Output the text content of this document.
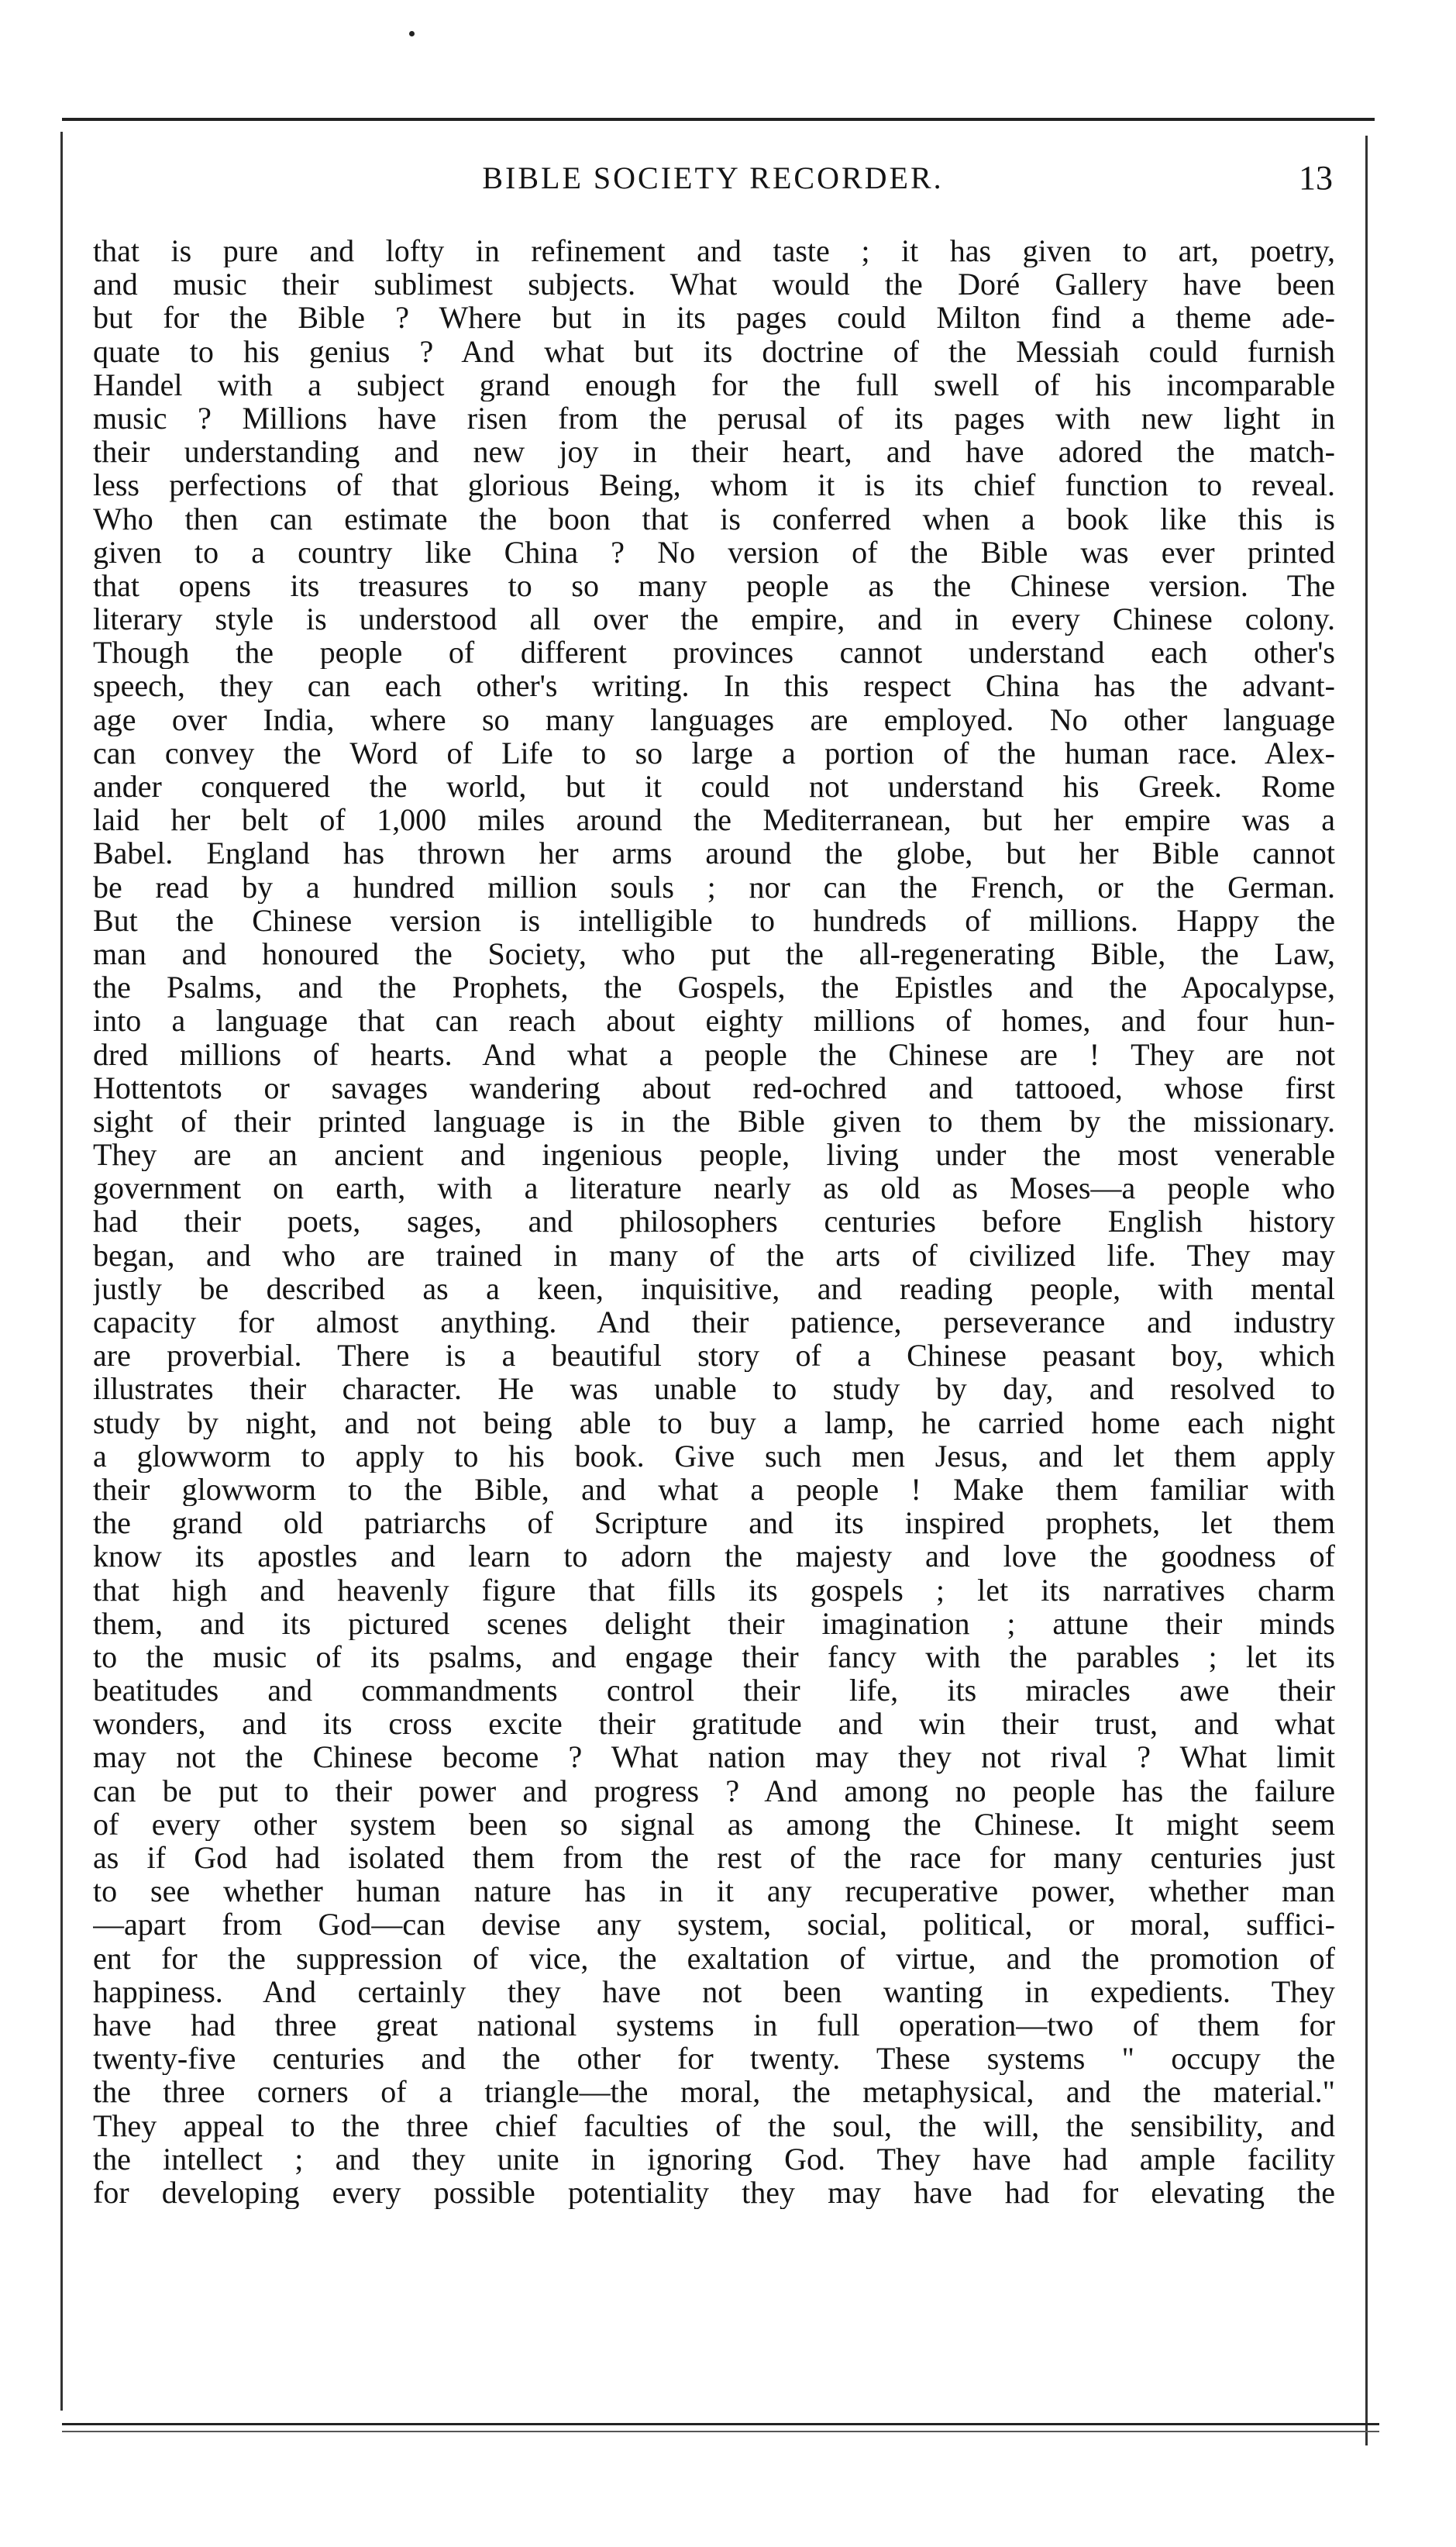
BIBLE SOCIETY RECORDER.	13
that is pure and lofty in refinement and taste ; it has given to art, poetry,
and music their sublimest subjects. What would the Doré Gallery have been
but for the Bible ? Where but in its pages could Milton find a theme ade-
quate to his genius ? And what but its doctrine of the Messiah could furnish
Handel with a subject grand enough for the full swell of his incomparable
music ? Millions have risen from the perusal of its pages with new light in
their understanding and new joy in their heart, and have adored the match-
less perfections of that glorious Being, whom it is its chief function to reveal.
Who then can estimate the boon that is conferred when a book like this is
given to a country like China ? No version of the Bible was ever printed
that opens its treasures to so many people as the Chinese version. The
literary style is understood all over the empire, and in every Chinese colony.
Though the people of different provinces cannot understand each other's
speech, they can each other's writing. In this respect China has the advant-
age over India, where so many languages are employed. No other language
can convey the Word of Life to so large a portion of the human race. Alex-
ander conquered the world, but it could not understand his Greek. Rome
laid her belt of 1,000 miles around the Mediterranean, but her empire was a
Babel. England has thrown her arms around the globe, but her Bible cannot
be read by a hundred million souls ; nor can the French, or the German.
But the Chinese version is intelligible to hundreds of millions. Happy the
man and honoured the Society, who put the all-regenerating Bible, the Law,
the Psalms, and the Prophets, the Gospels, the Epistles and the Apocalypse,
into a language that can reach about eighty millions of homes, and four hun-
dred millions of hearts. And what a people the Chinese are ! They are not
Hottentots or savages wandering about red-ochred and tattooed, whose first
sight of their printed language is in the Bible given to them by the missionary.
They are an ancient and ingenious people, living under the most venerable
government on earth, with a literature nearly as old as Moses—a people who
had their poets, sages, and philosophers centuries before English history
began, and who are trained in many of the arts of civilized life. They may
justly be described as a keen, inquisitive, and reading people, with mental
capacity for almost anything. And their patience, perseverance and industry
are proverbial. There is a beautiful story of a Chinese peasant boy, which
illustrates their character. He was unable to study by day, and resolved to
study by night, and not being able to buy a lamp, he carried home each night
a glowworm to apply to his book. Give such men Jesus, and let them apply
their glowworm to the Bible, and what a people ! Make them familiar with
the grand old patriarchs of Scripture and its inspired prophets, let them
know its apostles and learn to adorn the majesty and love the goodness of
that high and heavenly figure that fills its gospels ; let its narratives charm
them, and its pictured scenes delight their imagination ; attune their minds
to the music of its psalms, and engage their fancy with the parables ; let its
beatitudes and commandments control their life, its miracles awe their
wonders, and its cross excite their gratitude and win their trust, and what
may not the Chinese become ? What nation may they not rival ? What limit
can be put to their power and progress ? And among no people has the failure
of every other system been so signal as among the Chinese. It might seem
as if God had isolated them from the rest of the race for many centuries just
to see whether human nature has in it any recuperative power, whether man
—apart from God—can devise any system, social, political, or moral, suffici-
ent for the suppression of vice, the exaltation of virtue, and the promotion of
happiness. And certainly they have not been wanting in expedients. They
have had three great national systems in full operation—two of them for
twenty-five centuries and the other for twenty. These systems " occupy the
the three corners of a triangle—the moral, the metaphysical, and the material."
They appeal to the three chief faculties of the soul, the will, the sensibility, and
the intellect ; and they unite in ignoring God. They have had ample facility
for developing every possible potentiality they may have had for elevating the
